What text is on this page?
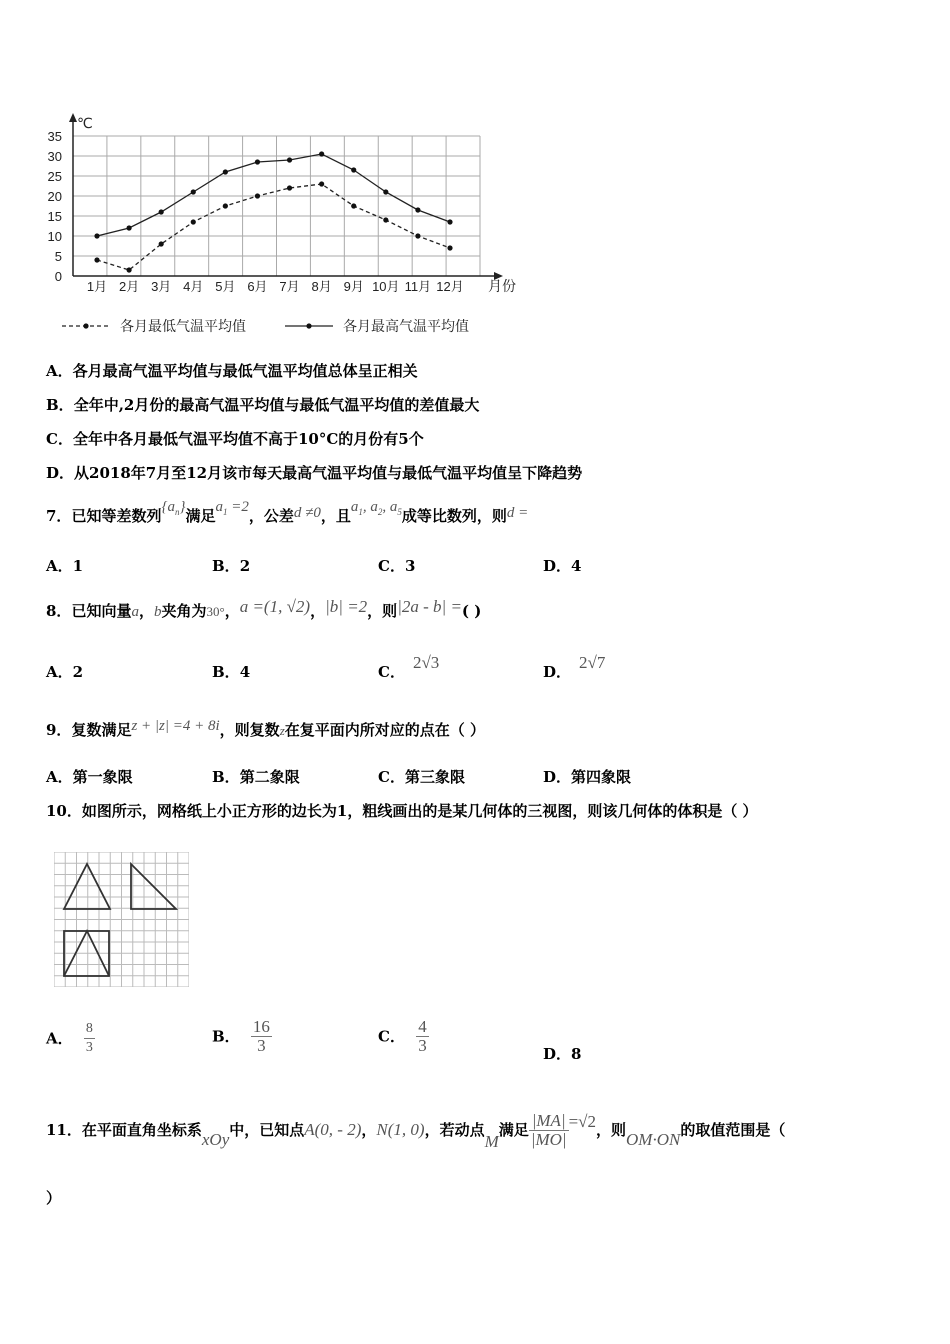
0
5
10
15
20
25
30
35
1月 2月 3月 4月 5月 6月 7月 8月 9月 10月 11月 12月
℃
月份
各月最低气温平均值	各月最高气温平均值
A．各月最高气温平均值与最低气温平均值总体呈正相关
B．全年中,2月份的最高气温平均值与最低气温平均值的差值最大
C．全年中各月最低气温平均值不高于10°C的月份有5个
D．从2018年7月至12月该市每天最高气温平均值与最低气温平均值呈下降趋势
7．已知等差数列$\{a_n\}$满足$a_1 =2$，公差d ≠0，且$a_1$, $a_2$, $a_5$成等比数列，则d =
A．1	B．2	C．3	D．4
8．已知向量a，b夹角为30°，a =(1, √2)，|b| =2，则|2a - b| =( )
A．2	B．4	C． 2√3	D． 2√7
9．复数满足z + |z| =4 + 8i，则复数z在复平面内所对应的点在（ ）
A．第一象限	B．第二象限	C．第三象限	D．第四象限
10．如图所示，网格纸上小正方形的边长为1，粗线画出的是某几何体的三视图，则该几何体的体积是（ ）
A． $\frac{8}{3}$	B． $\frac{16}{3}$	C． $\frac{4}{3}$	D．8
11．在平面直角坐标系 xOy 中，已知点 A(0, - 2) ， N(1, 0) ，若动点
M
满足 $\frac{|MA|}{|MO|} =√2$ ，则 OM·ON 的取值范围是（
）
